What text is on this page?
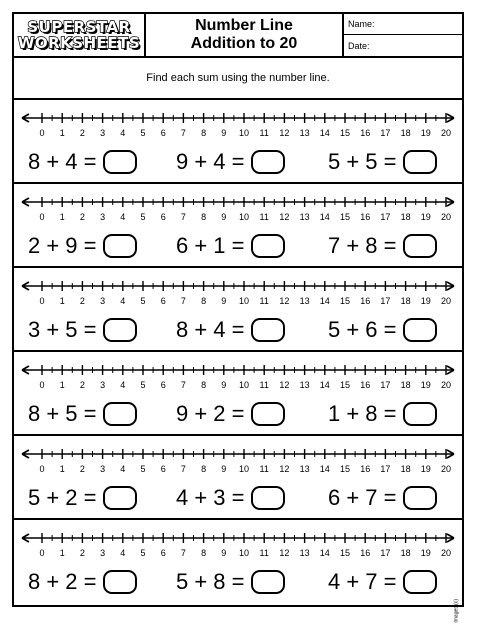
SUPERSTAR
WORKSHEETS
Number Line
Addition to 20
Name:
Date:
Find each sum using the number line.
0 1 2 3 4 5 6 7 8 9 10 11 12 13 14 15 16 17 18 19 20
8 + 4 =	9 + 4 =	5 + 5 =
0 1 2 3 4 5 6 7 8 9 10 11 12 13 14 15 16 17 18 19 20
2 + 9 =	6 + 1 =	7 + 8 =
0 1 2 3 4 5 6 7 8 9 10 11 12 13 14 15 16 17 18 19 20
3 + 5 =	8 + 4 =	5 + 6 =
0 1 2 3 4 5 6 7 8 9 10 11 12 13 14 15 16 17 18 19 20
8 + 5 =	9 + 2 =	1 + 8 =
0 1 2 3 4 5 6 7 8 9 10 11 12 13 14 15 16 17 18 19 20
5 + 2 =	4 + 3 =	6 + 7 =
0 1 2 3 4 5 6 7 8 9 10 11 12 13 14 15 16 17 18 19 20
8 + 2 =	5 + 8 =	4 + 7 =
Images (c)
